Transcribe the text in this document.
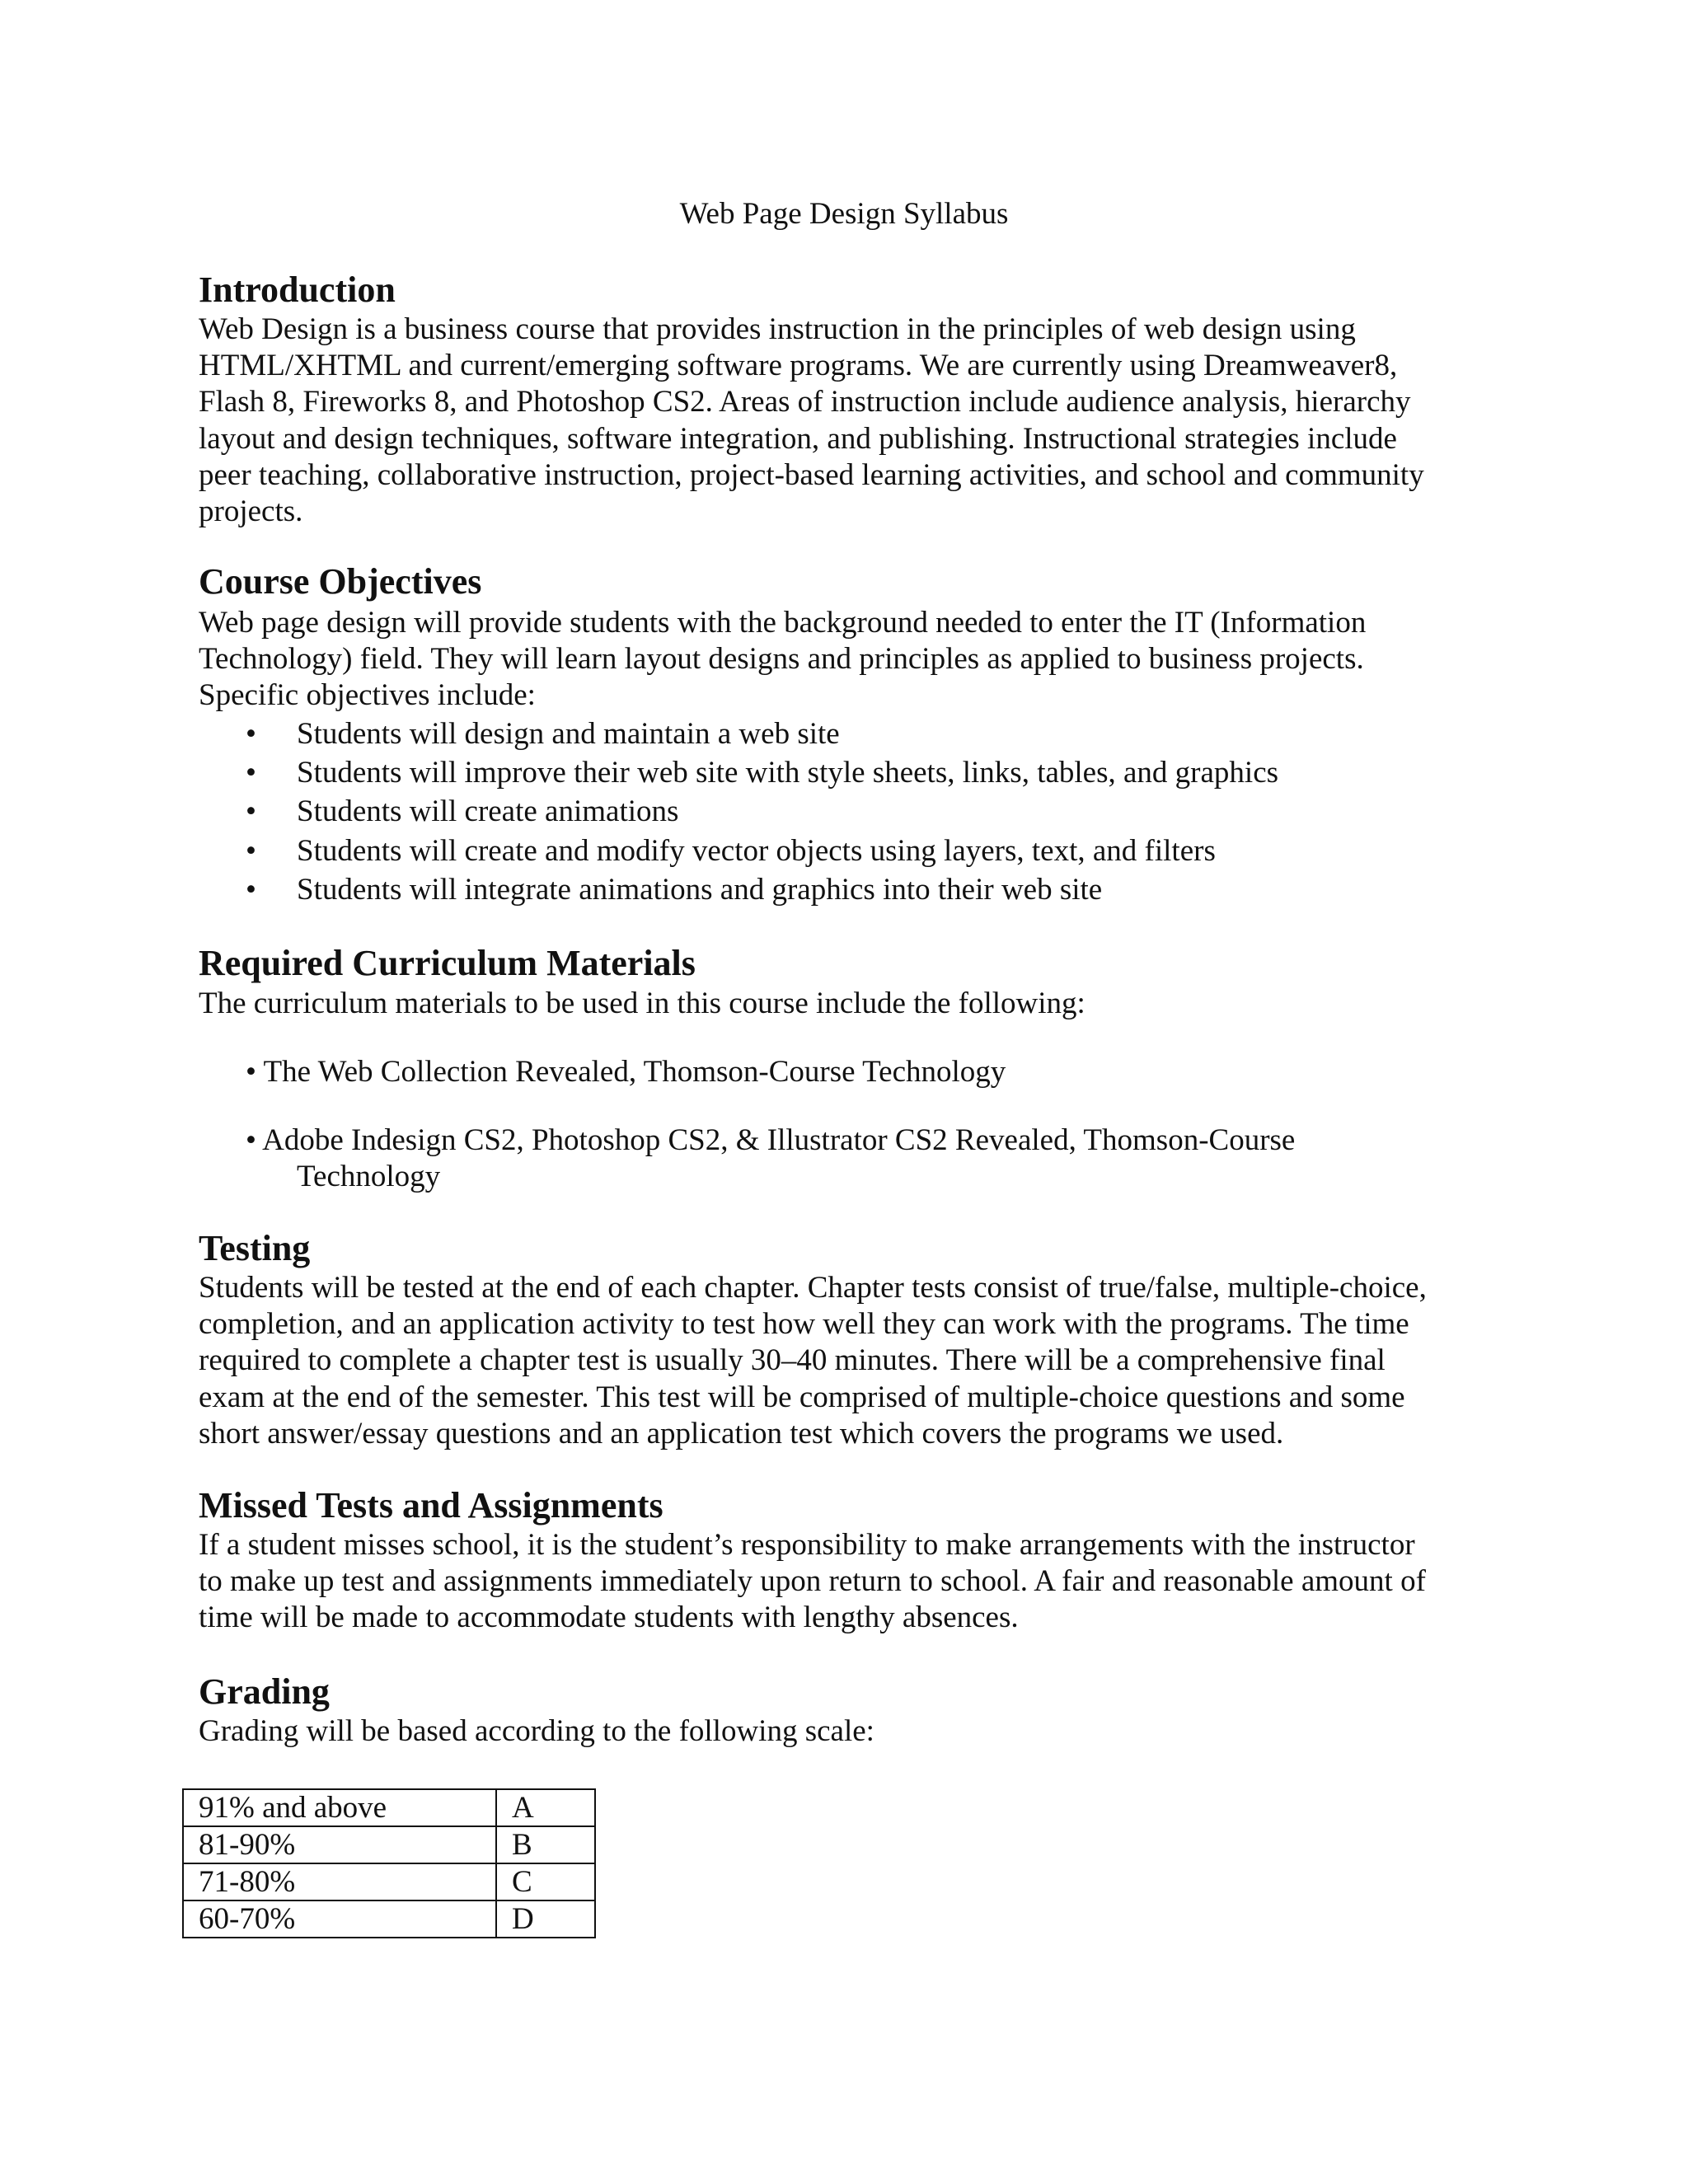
Web Page Design Syllabus
Introduction

Web Design is a business course that provides instruction in the principles of web design using
HTML/XHTML and current/emerging software programs. We are currently using Dreamweaver8,
Flash 8, Fireworks 8, and Photoshop CS2. Areas of instruction include audience analysis, hierarchy
layout and design techniques, software integration, and publishing. Instructional strategies include
peer teaching, collaborative instruction, project-based learning activities, and school and community
projects.

Course Objectives

Web page design will provide students with the background needed to enter the IT (Information
Technology) field. They will learn layout designs and principles as applied to business projects.
Specific objectives include:

• Students will design and maintain a web site
• Students will improve their web site with style sheets, links, tables, and graphics
• Students will create animations
• Students will create and modify vector objects using layers, text, and filters
• Students will integrate animations and graphics into their web site
Required Curriculum Materials

The curriculum materials to be used in this course include the following:

• The Web Collection Revealed, Thomson-Course Technology

• Adobe Indesign CS2, Photoshop CS2, & Illustrator CS2 Revealed, Thomson-Course
Technology

Testing

Students will be tested at the end of each chapter. Chapter tests consist of true/false, multiple-choice,
completion, and an application activity to test how well they can work with the programs. The time
required to complete a chapter test is usually 30–40 minutes. There will be a comprehensive final
exam at the end of the semester. This test will be comprised of multiple-choice questions and some
short answer/essay questions and an application test which covers the programs we used.

Missed Tests and Assignments

If a student misses school, it is the student’s responsibility to make arrangements with the instructor
to make up test and assignments immediately upon return to school. A fair and reasonable amount of
time will be made to accommodate students with lengthy absences.

Grading

Grading will be based according to the following scale:

91% and above	A
81-90%	B
71-80%	C
60-70%	D
